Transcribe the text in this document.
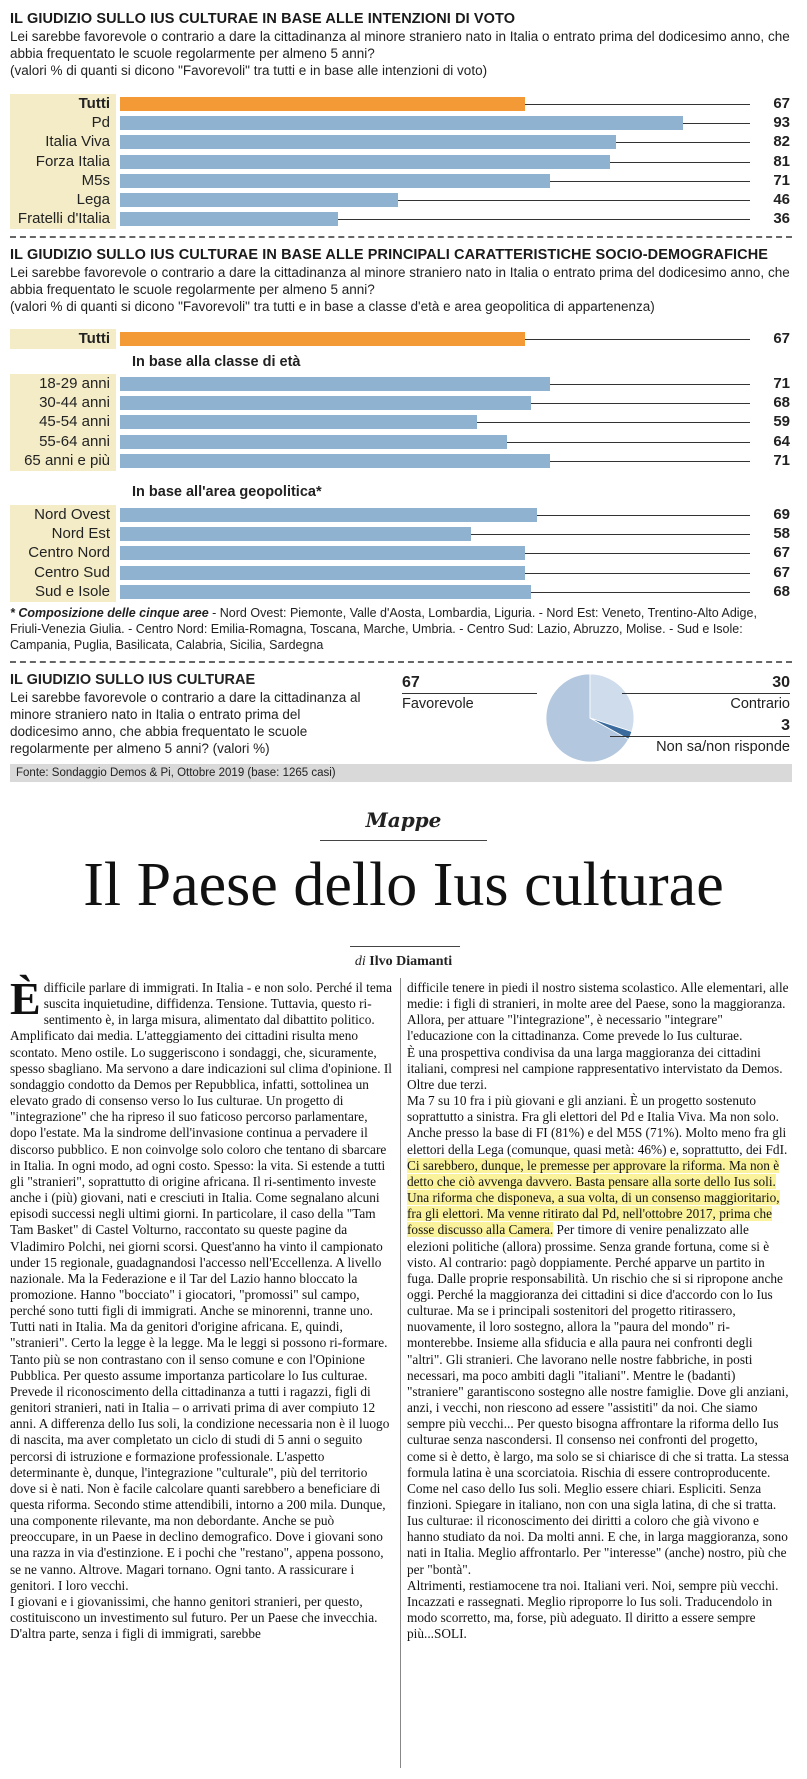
IL GIUDIZIO SULLO IUS CULTURAE IN BASE ALLE INTENZIONI DI VOTO
Lei sarebbe favorevole o contrario a dare la cittadinanza al minore straniero nato in Italia o entrato prima del dodicesimo anno, che abbia frequentato le scuole regolarmente per almeno 5 anni?
(valori % di quanti si dicono "Favorevoli" tra tutti e in base alle intenzioni di voto)
Tutti	67
Pd	93
Italia Viva	82
Forza Italia	81
M5s	71
Lega	46
Fratelli d'Italia	36
IL GIUDIZIO SULLO IUS CULTURAE IN BASE ALLE PRINCIPALI CARATTERISTICHE SOCIO-DEMOGRAFICHE
Lei sarebbe favorevole o contrario a dare la cittadinanza al minore straniero nato in Italia o entrato prima del dodicesimo anno, che abbia frequentato le scuole regolarmente per almeno 5 anni?
(valori % di quanti si dicono "Favorevoli" tra tutti e in base a classe d'età e area geopolitica di appartenenza)
Tutti	67
18-29 anni	71
30-44 anni	68
45-54 anni	59
55-64 anni	64
65 anni e più	71
Nord Ovest	69
Nord Est	58
Centro Nord	67
Centro Sud	67
Sud e Isole	68
In base alla classe di età
In base all'area geopolitica*
* Composizione delle cinque aree - Nord Ovest: Piemonte, Valle d'Aosta, Lombardia, Liguria. - Nord Est: Veneto, Trentino-Alto Adige, Friuli-Venezia Giulia. - Centro Nord: Emilia-Romagna, Toscana, Marche, Umbria. - Centro Sud: Lazio, Abruzzo, Molise. - Sud e Isole: Campania, Puglia, Basilicata, Calabria, Sicilia, Sardegna
IL GIUDIZIO SULLO IUS CULTURAE
Lei sarebbe favorevole o contrario a dare la cittadinanza al minore straniero nato in Italia o entrato prima del dodicesimo anno, che abbia frequentato le scuole regolarmente per almeno 5 anni? (valori %)
67
Favorevole
30
Contrario
3
Non sa/non risponde
Fonte: Sondaggio Demos & Pi, Ottobre 2019 (base: 1265 casi)
Mappe
Il Paese dello Ius culturae
di Ilvo Diamanti

È difficile parlare di immigrati. In Italia - e non solo. Perché il tema suscita inquietudine, diffidenza. Tensione. Tuttavia, questo ri-sentimento è, in larga misura, alimentato dal dibattito politico. Amplificato dai media. L'atteggiamento dei cittadini risulta meno scontato. Meno ostile. Lo suggeriscono i sondaggi, che, sicuramente, spesso sbagliano. Ma servono a dare indicazioni sul clima d'opinione. Il sondaggio condotto da Demos per Repubblica, infatti, sottolinea un elevato grado di consenso verso lo Ius culturae. Un progetto di "integrazione" che ha ripreso il suo faticoso percorso parlamentare, dopo l'estate. Ma la sindrome dell'invasione continua a pervadere il discorso pubblico. E non coinvolge solo coloro che tentano di sbarcare in Italia. In ogni modo, ad ogni costo. Spesso: la vita. Si estende a tutti gli "stranieri", soprattutto di origine africana. Il ri-sentimento investe anche i (più) giovani, nati e cresciuti in Italia. Come segnalano alcuni episodi successi negli ultimi giorni. In particolare, il caso della "Tam Tam Basket" di Castel Volturno, raccontato su queste pagine da Vladimiro Polchi, nei giorni scorsi. Quest'anno ha vinto il campionato under 15 regionale, guadagnandosi l'accesso nell'Eccellenza. A livello nazionale. Ma la Federazione e il Tar del Lazio hanno bloccato la promozione. Hanno "bocciato" i giocatori, "promossi" sul campo, perché sono tutti figli di immigrati. Anche se minorenni, tranne uno. Tutti nati in Italia. Ma da genitori d'origine africana. E, quindi, "stranieri". Certo la legge è la legge. Ma le leggi si possono ri-formare. Tanto più se non contrastano con il senso comune e con l'Opinione Pubblica. Per questo assume importanza particolare lo Ius culturae. Prevede il riconoscimento della cittadinanza a tutti i ragazzi, figli di genitori stranieri, nati in Italia – o arrivati prima di aver compiuto 12 anni. A differenza dello Ius soli, la condizione necessaria non è il luogo di nascita, ma aver completato un ciclo di studi di 5 anni o seguito percorsi di istruzione e formazione professionale. L'aspetto determinante è, dunque, l'integrazione "culturale", più del territorio dove si è nati. Non è facile calcolare quanti sarebbero a beneficiare di questa riforma. Secondo stime attendibili, intorno a 200 mila. Dunque, una componente rilevante, ma non debordante. Anche se può preoccupare, in un Paese in declino demografico. Dove i giovani sono una razza in via d'estinzione. E i pochi che "restano", appena possono, se ne vanno. Altrove. Magari tornano. Ogni tanto. A rassicurare i genitori. I loro vecchi.

I giovani e i giovanissimi, che hanno genitori stranieri, per questo, costituiscono un investimento sul futuro. Per un Paese che invecchia. D'altra parte, senza i figli di immigrati, sarebbe

difficile tenere in piedi il nostro sistema scolastico. Alle elementari, alle medie: i figli di stranieri, in molte aree del Paese, sono la maggioranza. Allora, per attuare "l'integrazione", è necessario "integrare" l'educazione con la cittadinanza. Come prevede lo Ius culturae.

È una prospettiva condivisa da una larga maggioranza dei cittadini italiani, compresi nel campione rappresentativo intervistato da Demos. Oltre due terzi.

Ma 7 su 10 fra i più giovani e gli anziani. È un progetto sostenuto soprattutto a sinistra. Fra gli elettori del Pd e Italia Viva. Ma non solo. Anche presso la base di FI (81%) e del M5S (71%). Molto meno fra gli elettori della Lega (comunque, quasi metà: 46%) e, soprattutto, dei FdI.

Ci sarebbero, dunque, le premesse per approvare la riforma. Ma non è detto che ciò avvenga davvero. Basta pensare alla sorte dello Ius soli. Una riforma che disponeva, a sua volta, di un consenso maggioritario, fra gli elettori. Ma venne ritirato dal Pd, nell'ottobre 2017, prima che fosse discusso alla Camera. Per timore di venire penalizzato alle elezioni politiche (allora) prossime. Senza grande fortuna, come si è visto. Al contrario: pagò doppiamente. Perché apparve un partito in fuga. Dalle proprie responsabilità. Un rischio che si si ripropone anche oggi. Perché la maggioranza dei cittadini si dice d'accordo con lo Ius culturae. Ma se i principali sostenitori del progetto ritirassero, nuovamente, il loro sostegno, allora la "paura del mondo" ri-monterebbe. Insieme alla sfiducia e alla paura nei confronti degli "altri". Gli stranieri. Che lavorano nelle nostre fabbriche, in posti necessari, ma poco ambiti dagli "italiani". Mentre le (badanti) "straniere" garantiscono sostegno alle nostre famiglie. Dove gli anziani, anzi, i vecchi, non riescono ad essere "assistiti" da noi. Che siamo sempre più vecchi... Per questo bisogna affrontare la riforma dello Ius culturae senza nascondersi. Il consenso nei confronti del progetto, come si è detto, è largo, ma solo se si chiarisce di che si tratta. La stessa formula latina è una scorciatoia. Rischia di essere controproducente. Come nel caso dello Ius soli. Meglio essere chiari. Espliciti. Senza finzioni. Spiegare in italiano, non con una sigla latina, di che si tratta. Ius culturae: il riconoscimento dei diritti a coloro che già vivono e hanno studiato da noi. Da molti anni. E che, in larga maggioranza, sono nati in Italia. Meglio affrontarlo. Per "interesse" (anche) nostro, più che per "bontà".

Altrimenti, restiamocene tra noi. Italiani veri. Noi, sempre più vecchi. Incazzati e rassegnati. Meglio riproporre lo Ius soli. Traducendolo in modo scorretto, ma, forse, più adeguato. Il diritto a essere sempre più...SOLI.
